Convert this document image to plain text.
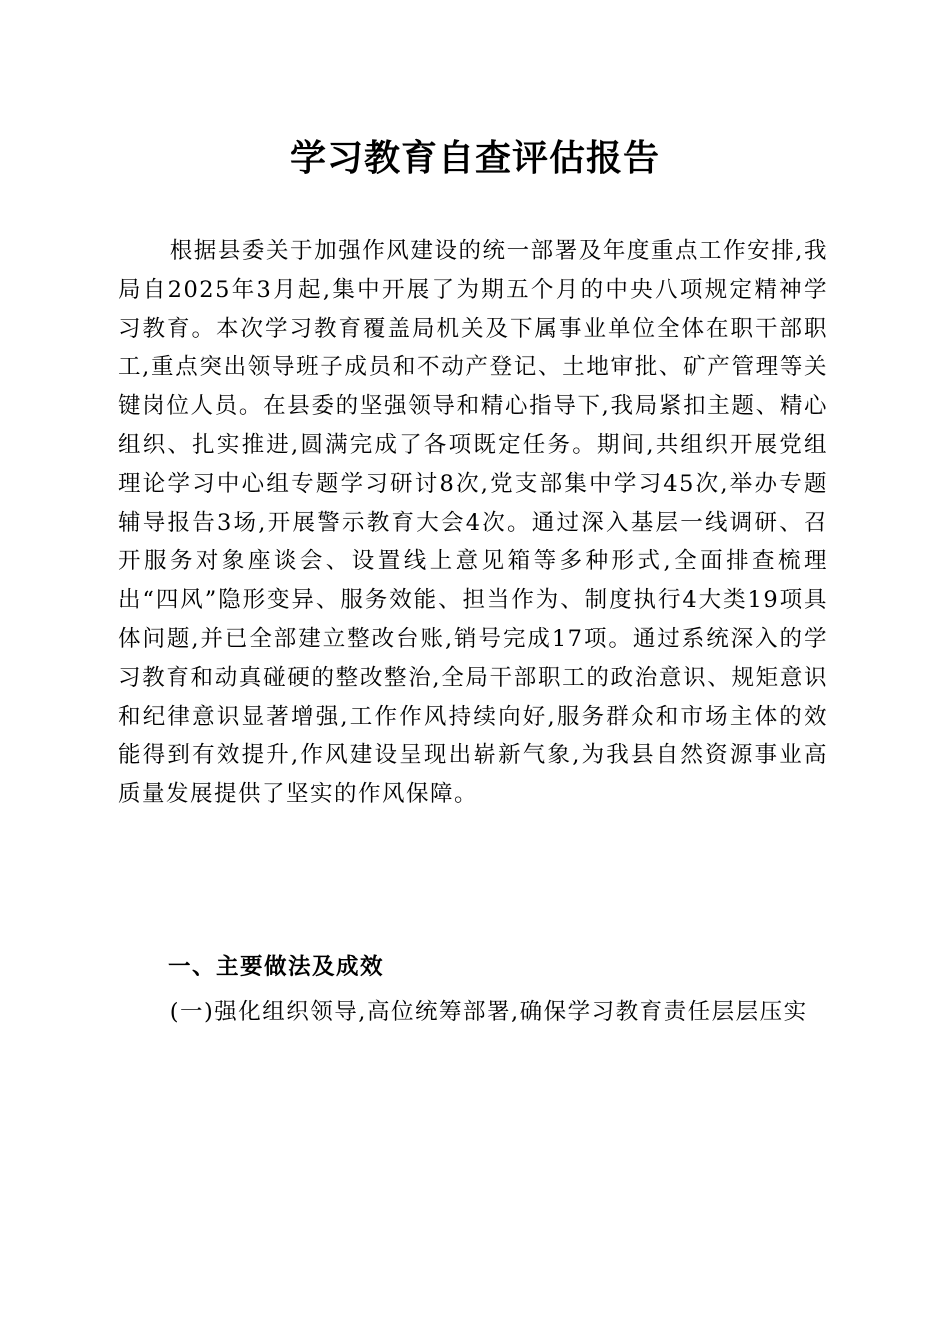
学习教育自查评估报告

根据县委关于加强作风建设的统一部署及年度重点工作安排,我局自2025年3月起,集中开展了为期五个月的中央八项规定精神学习教育。本次学习教育覆盖局机关及下属事业单位全体在职干部职工,重点突出领导班子成员和不动产登记、土地审批、矿产管理等关键岗位人员。在县委的坚强领导和精心指导下,我局紧扣主题、精心组织、扎实推进,圆满完成了各项既定任务。期间,共组织开展党组理论学习中心组专题学习研讨8次,党支部集中学习45次,举办专题辅导报告3场,开展警示教育大会4次。通过深入基层一线调研、召开服务对象座谈会、设置线上意见箱等多种形式,全面排查梳理出“四风”隐形变异、服务效能、担当作为、制度执行4大类19项具体问题,并已全部建立整改台账,销号完成17项。通过系统深入的学习教育和动真碰硬的整改整治,全局干部职工的政治意识、规矩意识和纪律意识显著增强,工作作风持续向好,服务群众和市场主体的效能得到有效提升,作风建设呈现出崭新气象,为我县自然资源事业高质量发展提供了坚实的作风保障。

一、主要做法及成效

(一)强化组织领导,高位统筹部署,确保学习教育责任层层压实
